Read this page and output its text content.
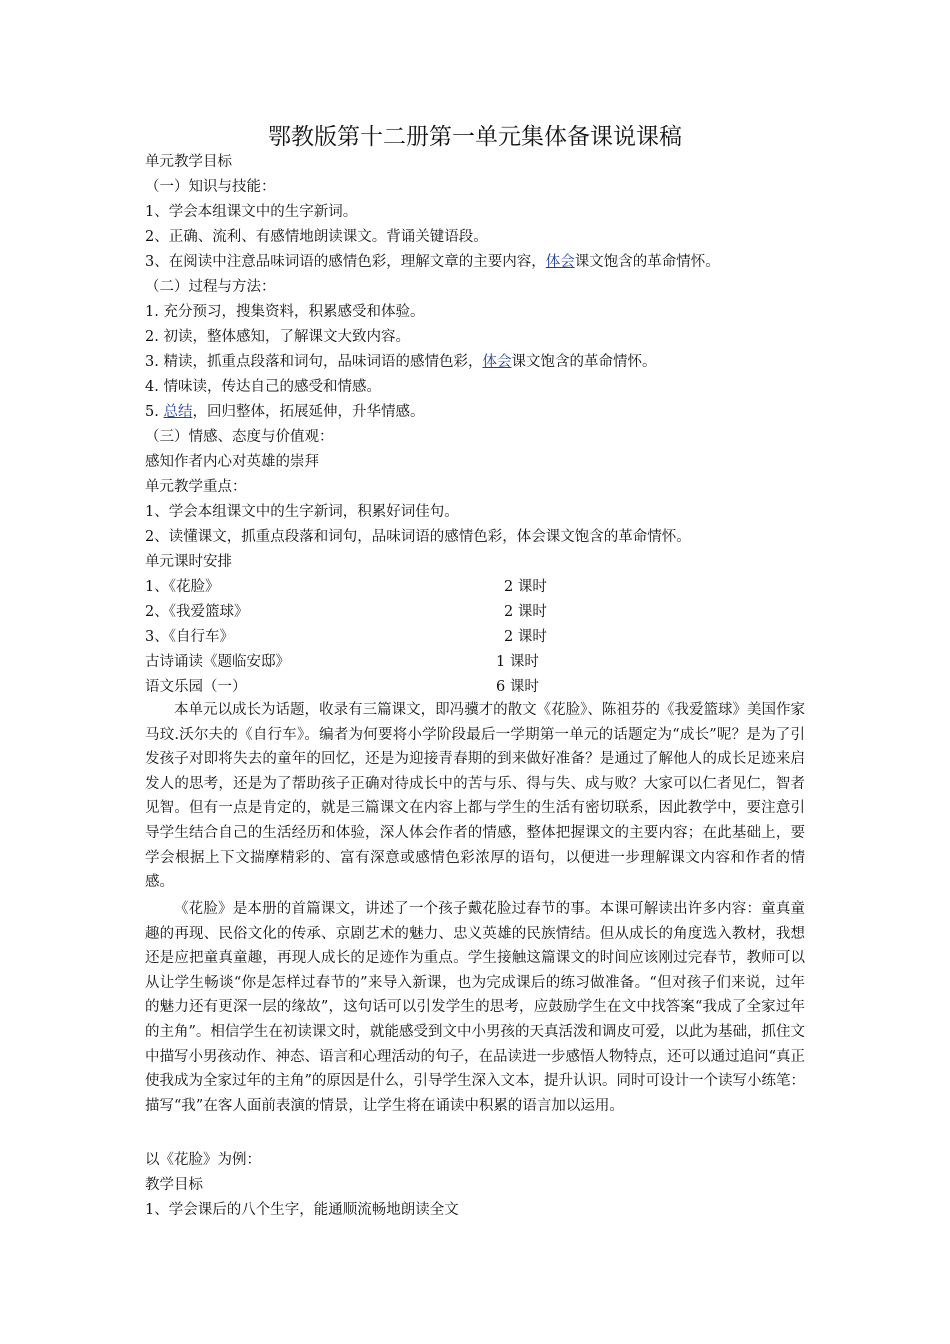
鄂教版第十二册第一单元集体备课说课稿
单元教学目标
（一）知识与技能：
1、学会本组课文中的生字新词。
2、正确、流利、有感情地朗读课文。背诵关键语段。
3、在阅读中注意品味词语的感情色彩，理解文章的主要内容，体会课文饱含的革命情怀。
（二）过程与方法：
1. 充分预习，搜集资料，积累感受和体验。
2. 初读，整体感知，了解课文大致内容。
3. 精读，抓重点段落和词句，品味词语的感情色彩，体会课文饱含的革命情怀。
4. 情味读，传达自己的感受和情感。
5. 总结，回归整体，拓展延伸，升华情感。
（三）情感、态度与价值观：
感知作者内心对英雄的崇拜
单元教学重点：
1、学会本组课文中的生字新词，积累好词佳句。
2、读懂课文，抓重点段落和词句，品味词语的感情色彩，体会课文饱含的革命情怀。
单元课时安排
1、《花脸》	2 课时
2、《我爱篮球》	2 课时
3、《自行车》	2 课时
古诗诵读《题临安邸》	1 课时
语文乐园（一）	6 课时
本单元以成长为话题，收录有三篇课文，即冯骥才的散文《花脸》、陈祖芬的《我爱篮球》美国作家马玟.沃尔夫的《自行车》。编者为何要将小学阶段最后一学期第一单元的话题定为“成长”呢？是为了引发孩子对即将失去的童年的回忆，还是为迎接青春期的到来做好准备？是通过了解他人的成长足迹来启发人的思考，还是为了帮助孩子正确对待成长中的苦与乐、得与失、成与败？大家可以仁者见仁，智者见智。但有一点是肯定的，就是三篇课文在内容上都与学生的生活有密切联系，因此教学中，要注意引导学生结合自己的生活经历和体验，深人体会作者的情感，整体把握课文的主要内容；在此基础上，要学会根据上下文揣摩精彩的、富有深意或感情色彩浓厚的语句，以便进一步理解课文内容和作者的情感。
《花脸》是本册的首篇课文，讲述了一个孩子戴花脸过春节的事。本课可解读出许多内容：童真童趣的再现、民俗文化的传承、京剧艺术的魅力、忠义英雄的民族情结。但从成长的角度选入教材，我想还是应把童真童趣，再现人成长的足迹作为重点。学生接触这篇课文的时间应该刚过完春节，教师可以从让学生畅谈“你是怎样过春节的”来导入新课，也为完成课后的练习做准备。“但对孩子们来说，过年的魅力还有更深一层的缘故”，这句话可以引发学生的思考，应鼓励学生在文中找答案“我成了全家过年的主角”。相信学生在初读课文时，就能感受到文中小男孩的天真活泼和调皮可爱，以此为基础，抓住文中描写小男孩动作、神态、语言和心理活动的句子，在品读进一步感悟人物特点，还可以通过追问“真正使我成为全家过年的主角”的原因是什么，引导学生深入文本，提升认识。同时可设计一个读写小练笔：描写“我”在客人面前表演的情景，让学生将在诵读中积累的语言加以运用。
以《花脸》为例：
教学目标
1、学会课后的八个生字，能通顺流畅地朗读全文
